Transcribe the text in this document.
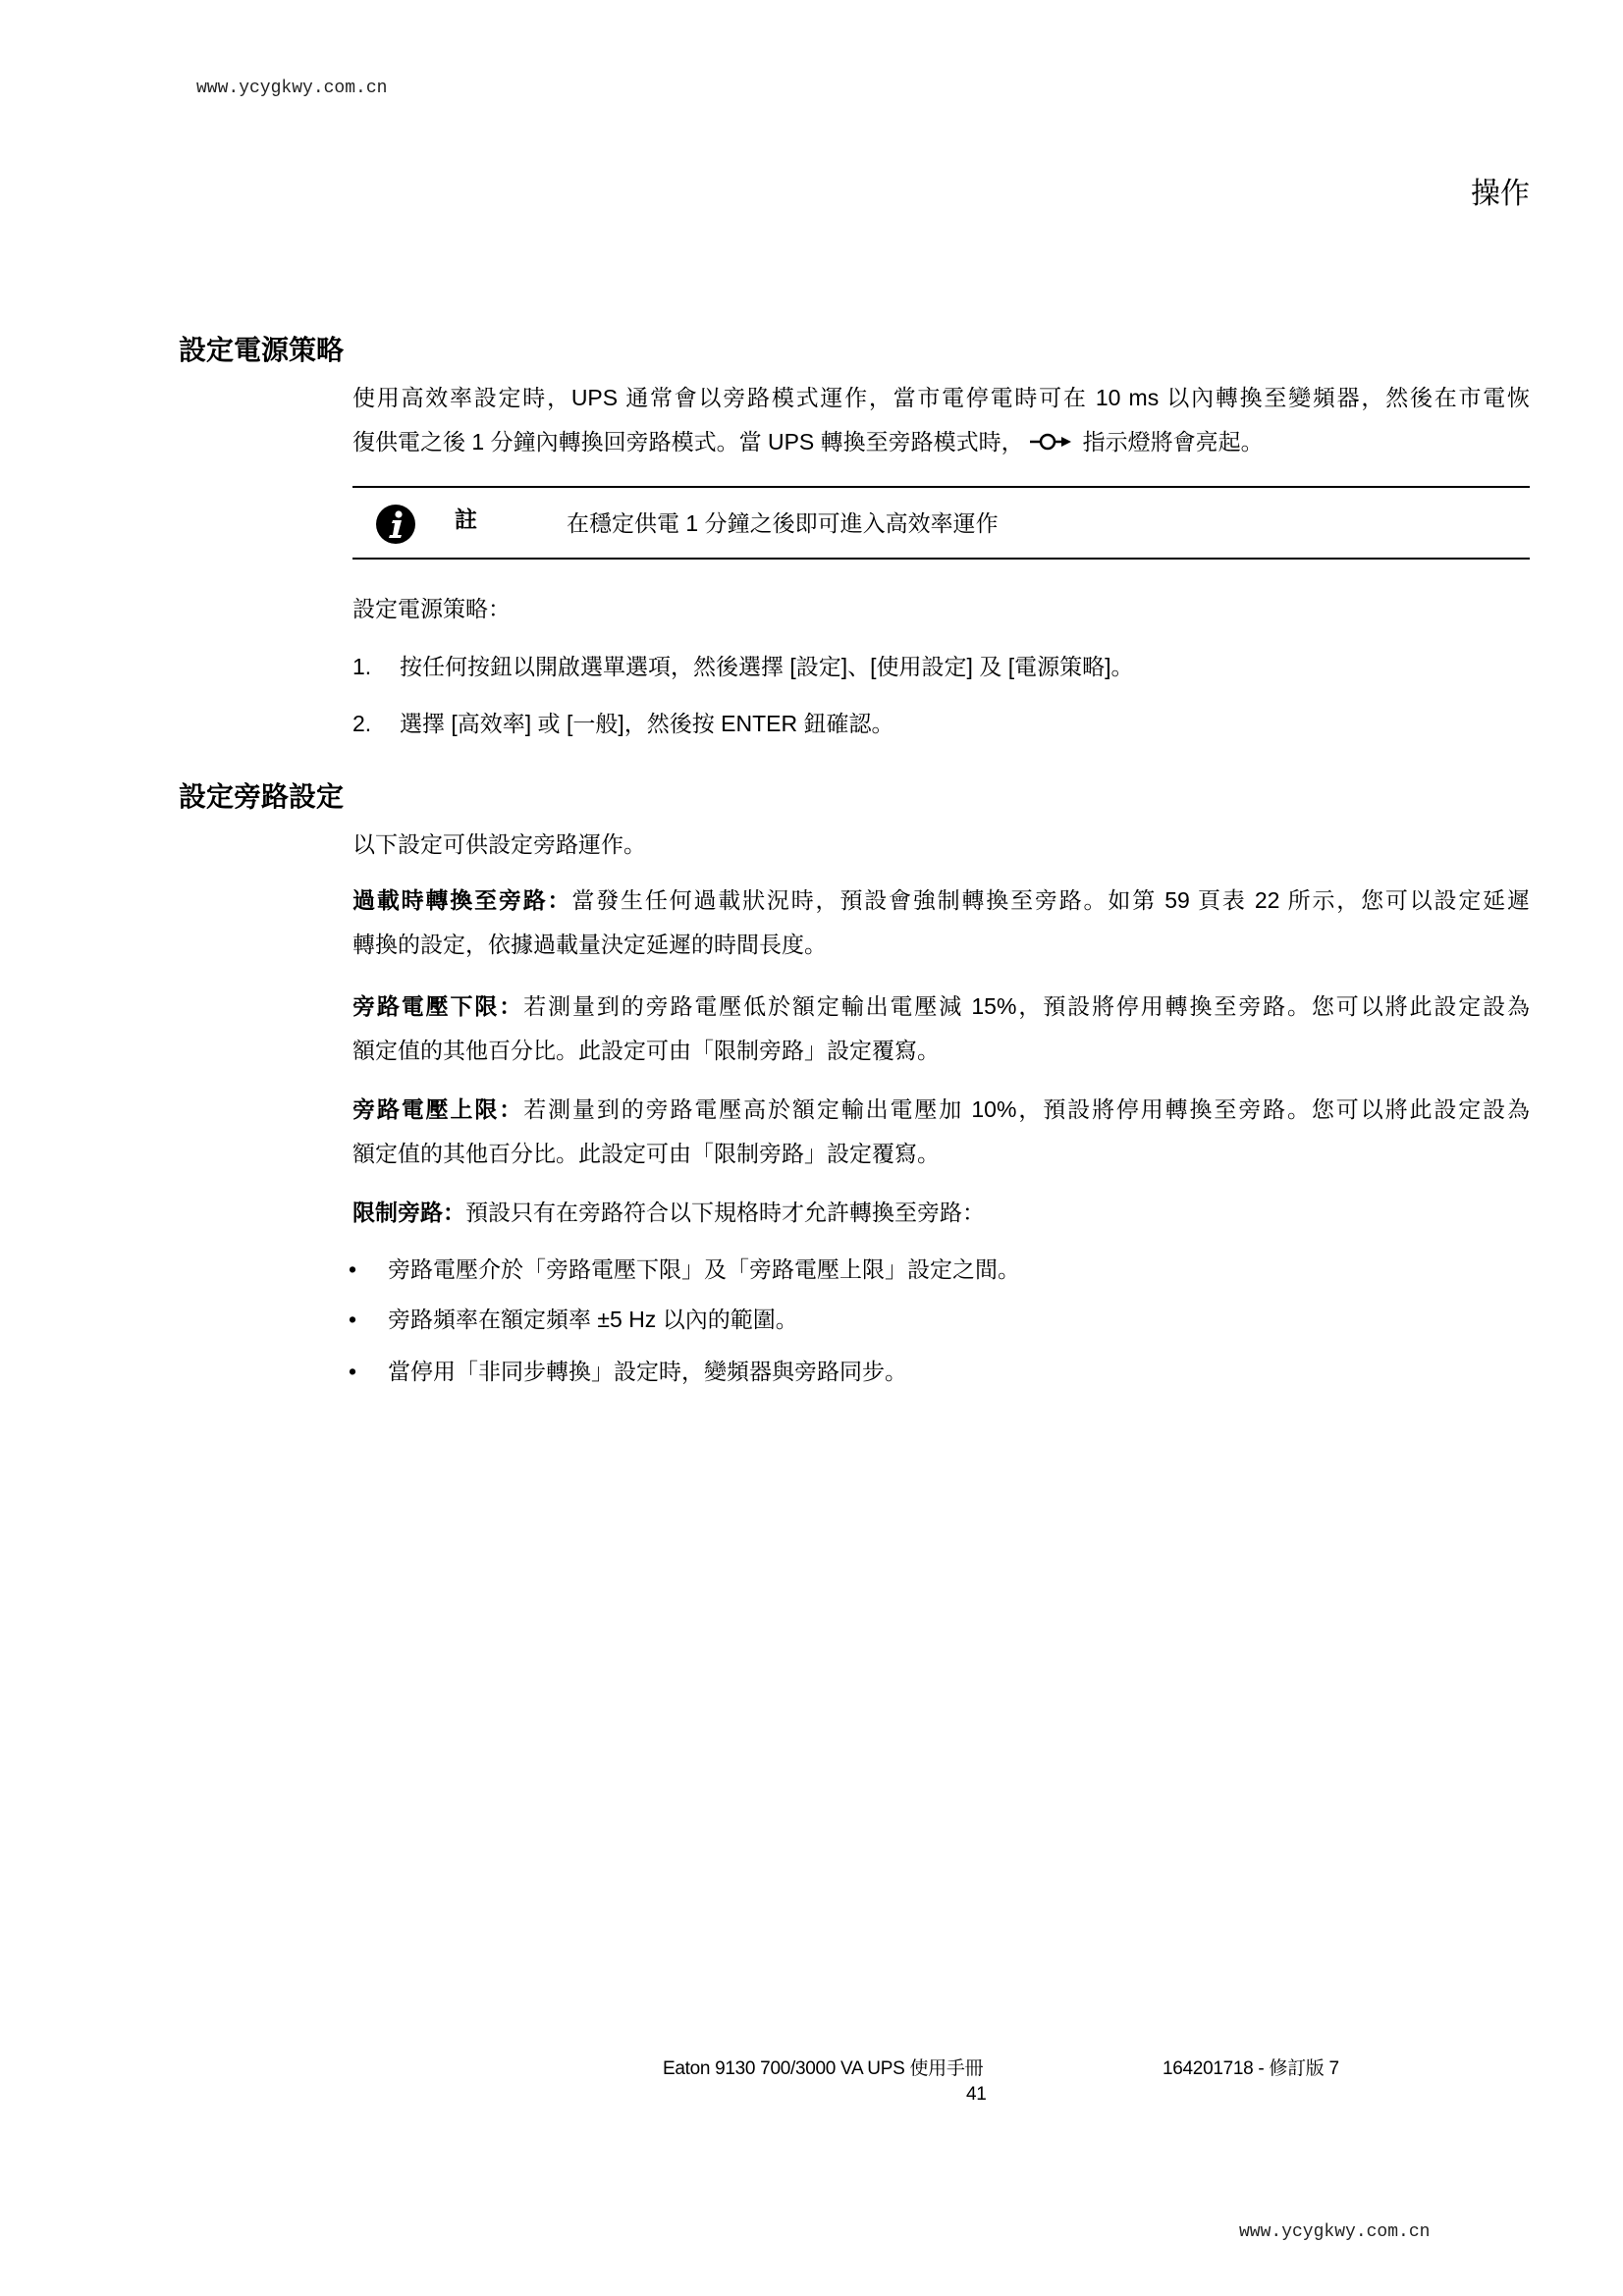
www.ycygkwy.com.cn
操作
設定電源策略
使用高效率設定時，UPS 通常會以旁路模式運作，當市電停電時可在 10 ms 以內轉換至變頻器，然後在市電恢
復供電之後 1 分鐘內轉換回旁路模式。當 UPS 轉換至旁路模式時，	指示燈將會亮起。
註	在穩定供電 1 分鐘之後即可進入高效率運作
設定電源策略：
1. 按任何按鈕以開啟選單選項，然後選擇 [設定]、[使用設定] 及 [電源策略]。
2. 選擇 [高效率] 或 [一般]，然後按 ENTER 鈕確認。
設定旁路設定
以下設定可供設定旁路運作。
過載時轉換至旁路：當發生任何過載狀況時，預設會強制轉換至旁路。如第 59 頁表 22 所示，您可以設定延遲
轉換的設定，依據過載量決定延遲的時間長度。
旁路電壓下限：若測量到的旁路電壓低於額定輸出電壓減 15%，預設將停用轉換至旁路。您可以將此設定設為
額定值的其他百分比。此設定可由「限制旁路」設定覆寫。
旁路電壓上限：若測量到的旁路電壓高於額定輸出電壓加 10%，預設將停用轉換至旁路。您可以將此設定設為
額定值的其他百分比。此設定可由「限制旁路」設定覆寫。
限制旁路：預設只有在旁路符合以下規格時才允許轉換至旁路：
• 旁路電壓介於「旁路電壓下限」及「旁路電壓上限」設定之間。
• 旁路頻率在額定頻率 ±5 Hz 以內的範圍。
• 當停用「非同步轉換」設定時，變頻器與旁路同步。
Eaton 9130 700/3000 VA UPS 使用手冊	164201718 - 修訂版 7
41
www.ycygkwy.com.cn
